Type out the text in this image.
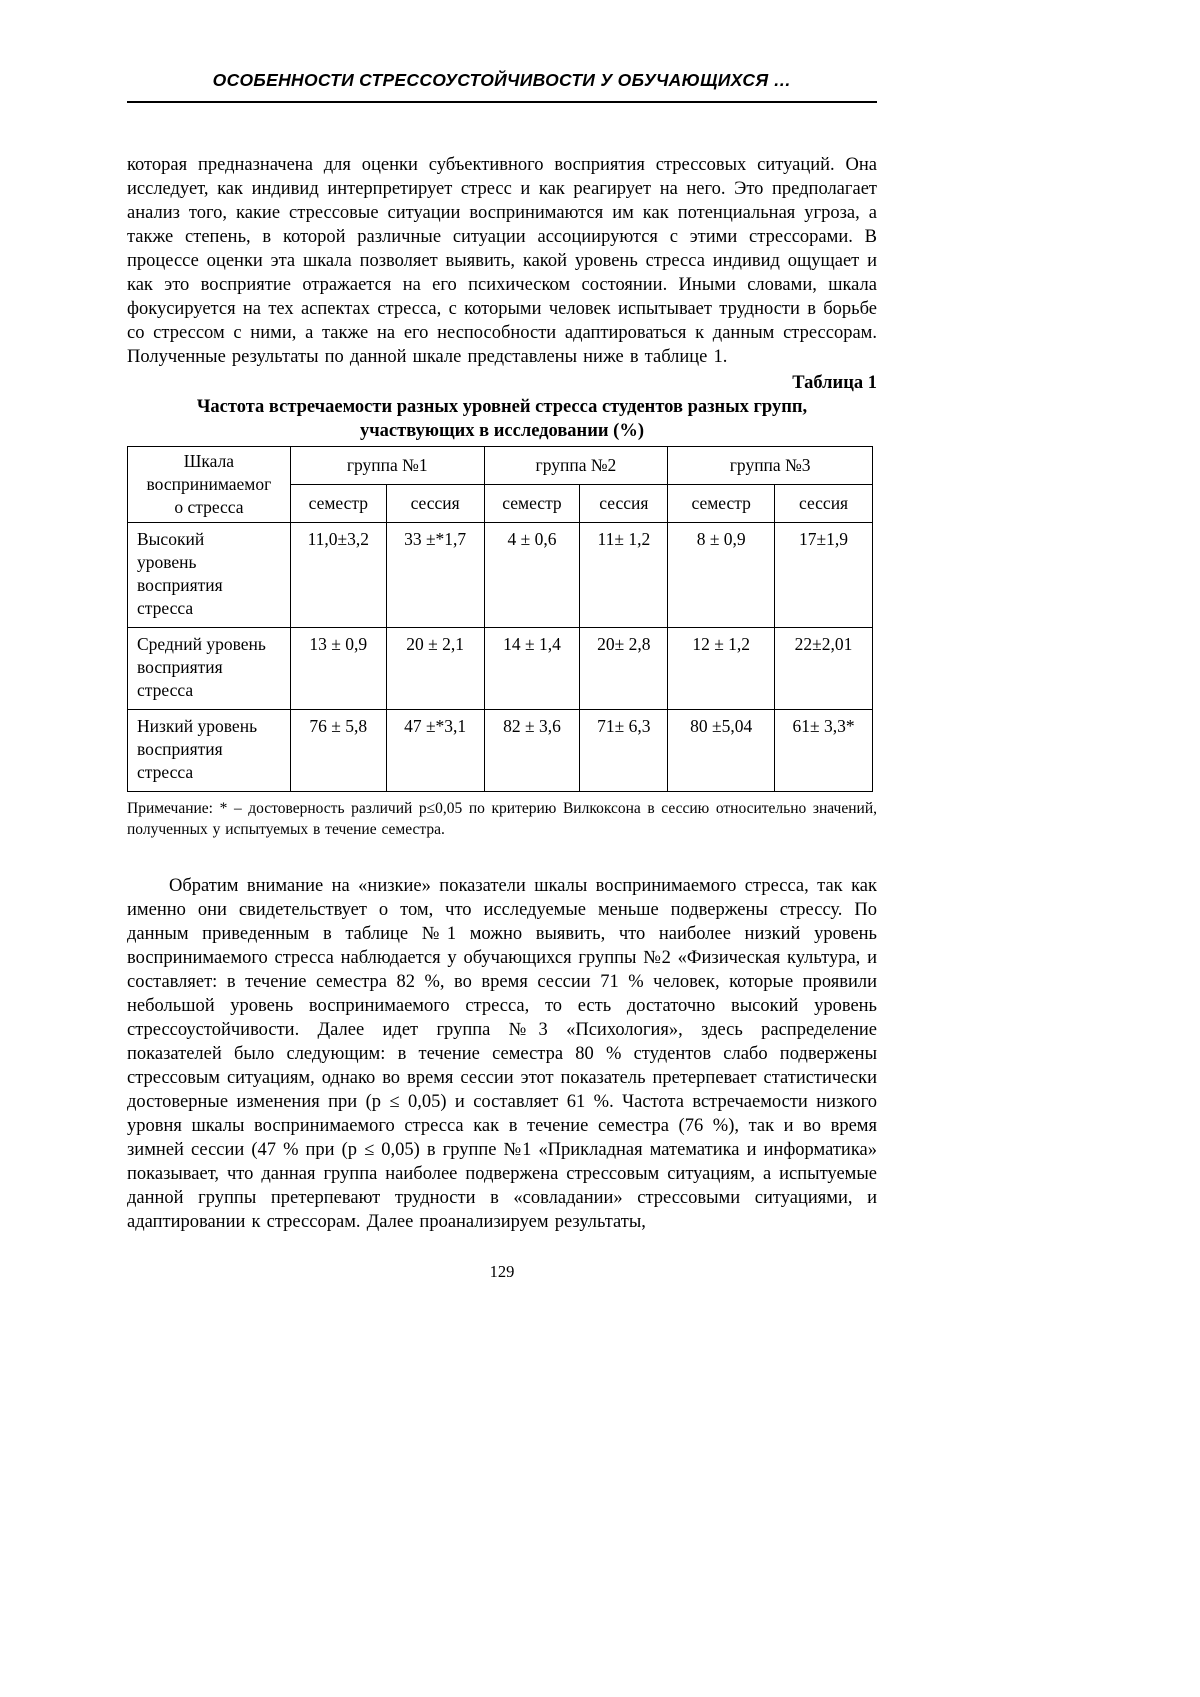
ОСОБЕННОСТИ СТРЕССОУСТОЙЧИВОСТИ У ОБУЧАЮЩИХСЯ …

которая предназначена для оценки субъективного восприятия стрессовых ситуаций. Она исследует, как индивид интерпретирует стресс и как реагирует на него. Это предполагает анализ того, какие стрессовые ситуации воспринимаются им как потенциальная угроза, а также степень, в которой различные ситуации ассоциируются с этими стрессорами. В процессе оценки эта шкала позволяет выявить, какой уровень стресса индивид ощущает и как это восприятие отражается на его психическом состоянии. Иными словами, шкала фокусируется на тех аспектах стресса, с которыми человек испытывает трудности в борьбе со стрессом с ними, а также на его неспособности адаптироваться к данным стрессорам. Полученные результаты по данной шкале представлены ниже в таблице 1.

Таблица 1
Частота встречаемости разных уровней стресса студентов разных групп,
участвующих в исследовании (%)
Шкала
воспринимаемог
о стресса	группа №1		группа №2		группа №3	
	семестр	сессия	семестр	сессия	семестр	сессия
Высокий
уровень
восприятия
стресса	11,0±3,2	33 ±*1,7	4 ± 0,6	11± 1,2	8 ± 0,9	17±1,9
Средний уровень
восприятия
стресса	13 ± 0,9	20 ± 2,1	14 ± 1,4	20± 2,8	12 ± 1,2	22±2,01
Низкий уровень
восприятия
стресса	76 ± 5,8	47 ±*3,1	82 ± 3,6	71± 6,3	80 ±5,04	61± 3,3*

Примечание: * – достоверность различий p≤0,05 по критерию Вилкоксона в сессию относительно значений, полученных у испытуемых в течение семестра.

Обратим внимание на «низкие» показатели шкалы воспринимаемого стресса, так как именно они свидетельствует о том, что исследуемые меньше подвержены стрессу. По данным приведенным в таблице №1 можно выявить, что наиболее низкий уровень воспринимаемого стресса наблюдается у обучающихся группы №2 «Физическая культура, и составляет: в течение семестра 82 %, во время сессии 71 % человек, которые проявили небольшой уровень воспринимаемого стресса, то есть достаточно высокий уровень стрессоустойчивости. Далее идет группа №3 «Психология», здесь распределение показателей было следующим: в течение семестра 80 % студентов слабо подвержены стрессовым ситуациям, однако во время сессии этот показатель претерпевает статистически достоверные изменения при (p ≤ 0,05) и составляет 61 %. Частота встречаемости низкого уровня шкалы воспринимаемого стресса как в течение семестра (76 %), так и во время зимней сессии (47 % при (p ≤ 0,05) в группе №1 «Прикладная математика и информатика» показывает, что данная группа наиболее подвержена стрессовым ситуациям, а испытуемые данной группы претерпевают трудности в «совладании» стрессовыми ситуациями, и адаптировании к стрессорам. Далее проанализируем результаты,

129
